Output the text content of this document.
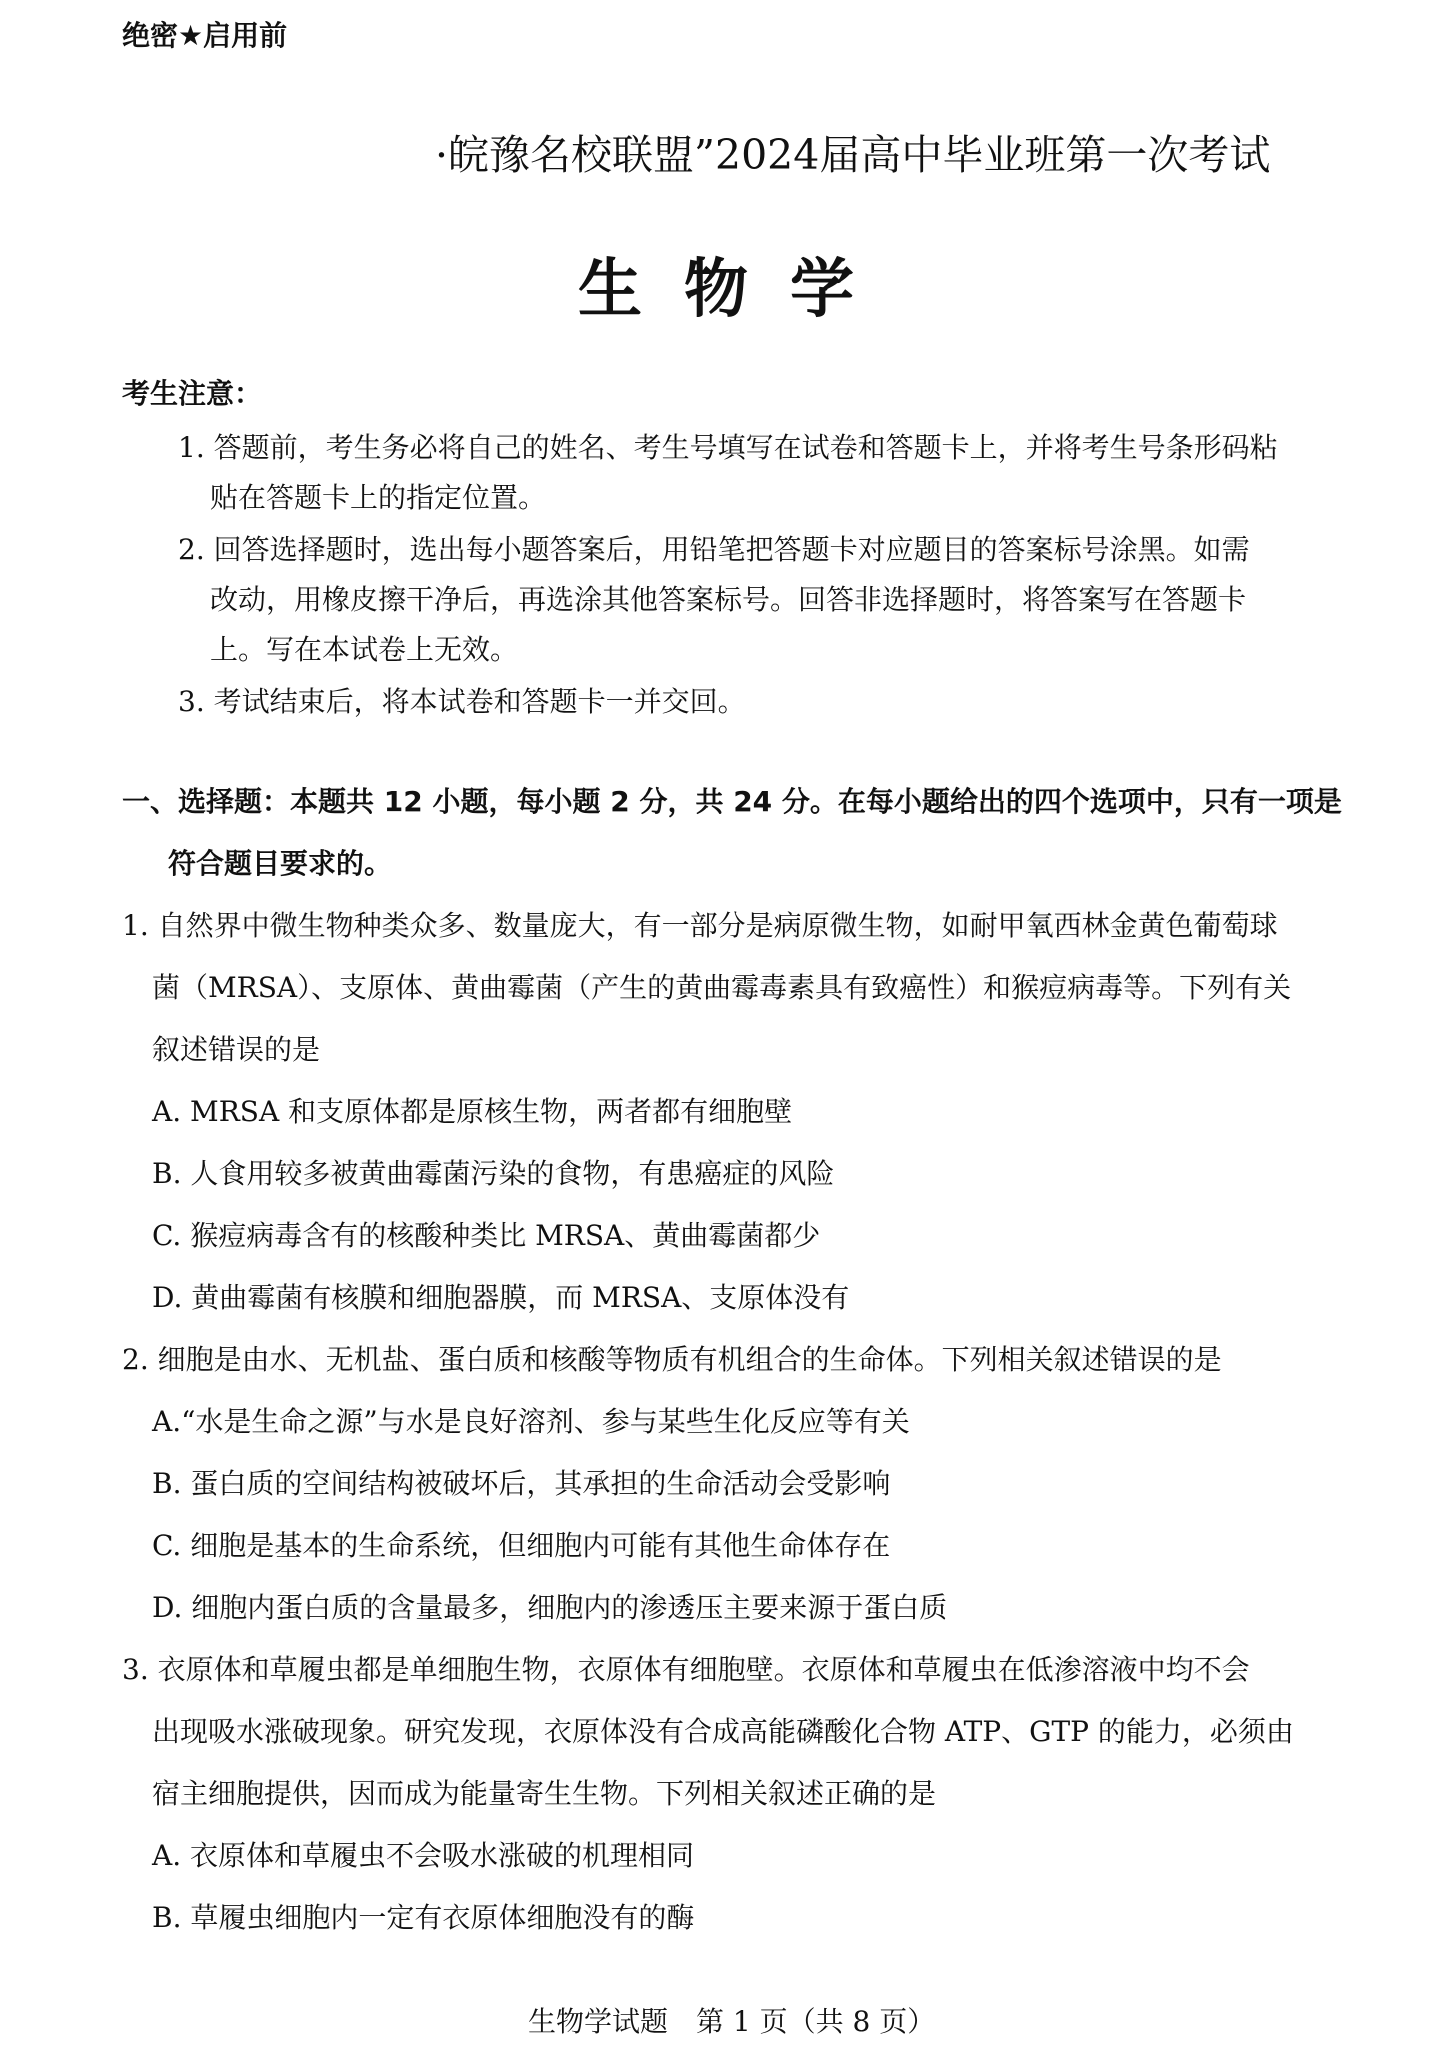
绝密★启用前
·皖豫名校联盟”2024届高中毕业班第一次考试
生物学
考生注意：
1. 答题前，考生务必将自己的姓名、考生号填写在试卷和答题卡上，并将考生号条形码粘
贴在答题卡上的指定位置。
2. 回答选择题时，选出每小题答案后，用铅笔把答题卡对应题目的答案标号涂黑。如需
改动，用橡皮擦干净后，再选涂其他答案标号。回答非选择题时，将答案写在答题卡
上。写在本试卷上无效。
3. 考试结束后，将本试卷和答题卡一并交回。
一、选择题：本题共 12 小题，每小题 2 分，共 24 分。在每小题给出的四个选项中，只有一项是
符合题目要求的。
1. 自然界中微生物种类众多、数量庞大，有一部分是病原微生物，如耐甲氧西林金黄色葡萄球
菌（MRSA）、支原体、黄曲霉菌（产生的黄曲霉毒素具有致癌性）和猴痘病毒等。下列有关
叙述错误的是
A. MRSA 和支原体都是原核生物，两者都有细胞壁
B. 人食用较多被黄曲霉菌污染的食物，有患癌症的风险
C. 猴痘病毒含有的核酸种类比 MRSA、黄曲霉菌都少
D. 黄曲霉菌有核膜和细胞器膜，而 MRSA、支原体没有
2. 细胞是由水、无机盐、蛋白质和核酸等物质有机组合的生命体。下列相关叙述错误的是
A.“水是生命之源”与水是良好溶剂、参与某些生化反应等有关
B. 蛋白质的空间结构被破坏后，其承担的生命活动会受影响
C. 细胞是基本的生命系统，但细胞内可能有其他生命体存在
D. 细胞内蛋白质的含量最多，细胞内的渗透压主要来源于蛋白质
3. 衣原体和草履虫都是单细胞生物，衣原体有细胞壁。衣原体和草履虫在低渗溶液中均不会
出现吸水涨破现象。研究发现，衣原体没有合成高能磷酸化合物 ATP、GTP 的能力，必须由
宿主细胞提供，因而成为能量寄生生物。下列相关叙述正确的是
A. 衣原体和草履虫不会吸水涨破的机理相同
B. 草履虫细胞内一定有衣原体细胞没有的酶
生物学试题　第 1 页（共 8 页）
